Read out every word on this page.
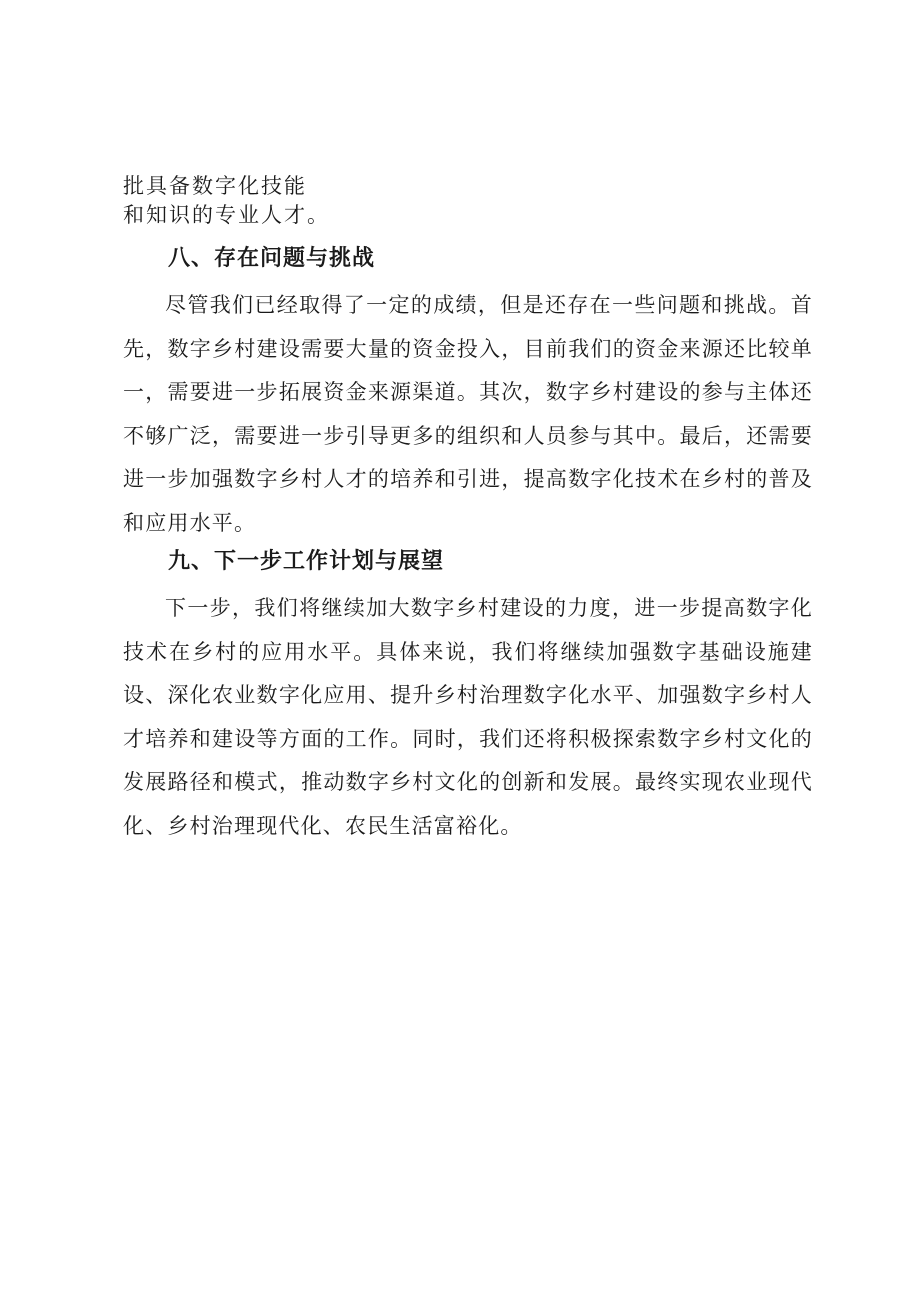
批具备数字化技能
和知识的专业人才。
八、存在问题与挑战

尽管我们已经取得了一定的成绩，但是还存在一些问题和挑战。首先，数字乡村建设需要大量的资金投入，目前我们的资金来源还比较单一，需要进一步拓展资金来源渠道。其次，数字乡村建设的参与主体还不够广泛，需要进一步引导更多的组织和人员参与其中。最后，还需要进一步加强数字乡村人才的培养和引进，提高数字化技术在乡村的普及和应用水平。

九、下一步工作计划与展望

下一步，我们将继续加大数字乡村建设的力度，进一步提高数字化技术在乡村的应用水平。具体来说，我们将继续加强数字基础设施建设、深化农业数字化应用、提升乡村治理数字化水平、加强数字乡村人才培养和建设等方面的工作。同时，我们还将积极探索数字乡村文化的发展路径和模式，推动数字乡村文化的创新和发展。最终实现农业现代化、乡村治理现代化、农民生活富裕化。
